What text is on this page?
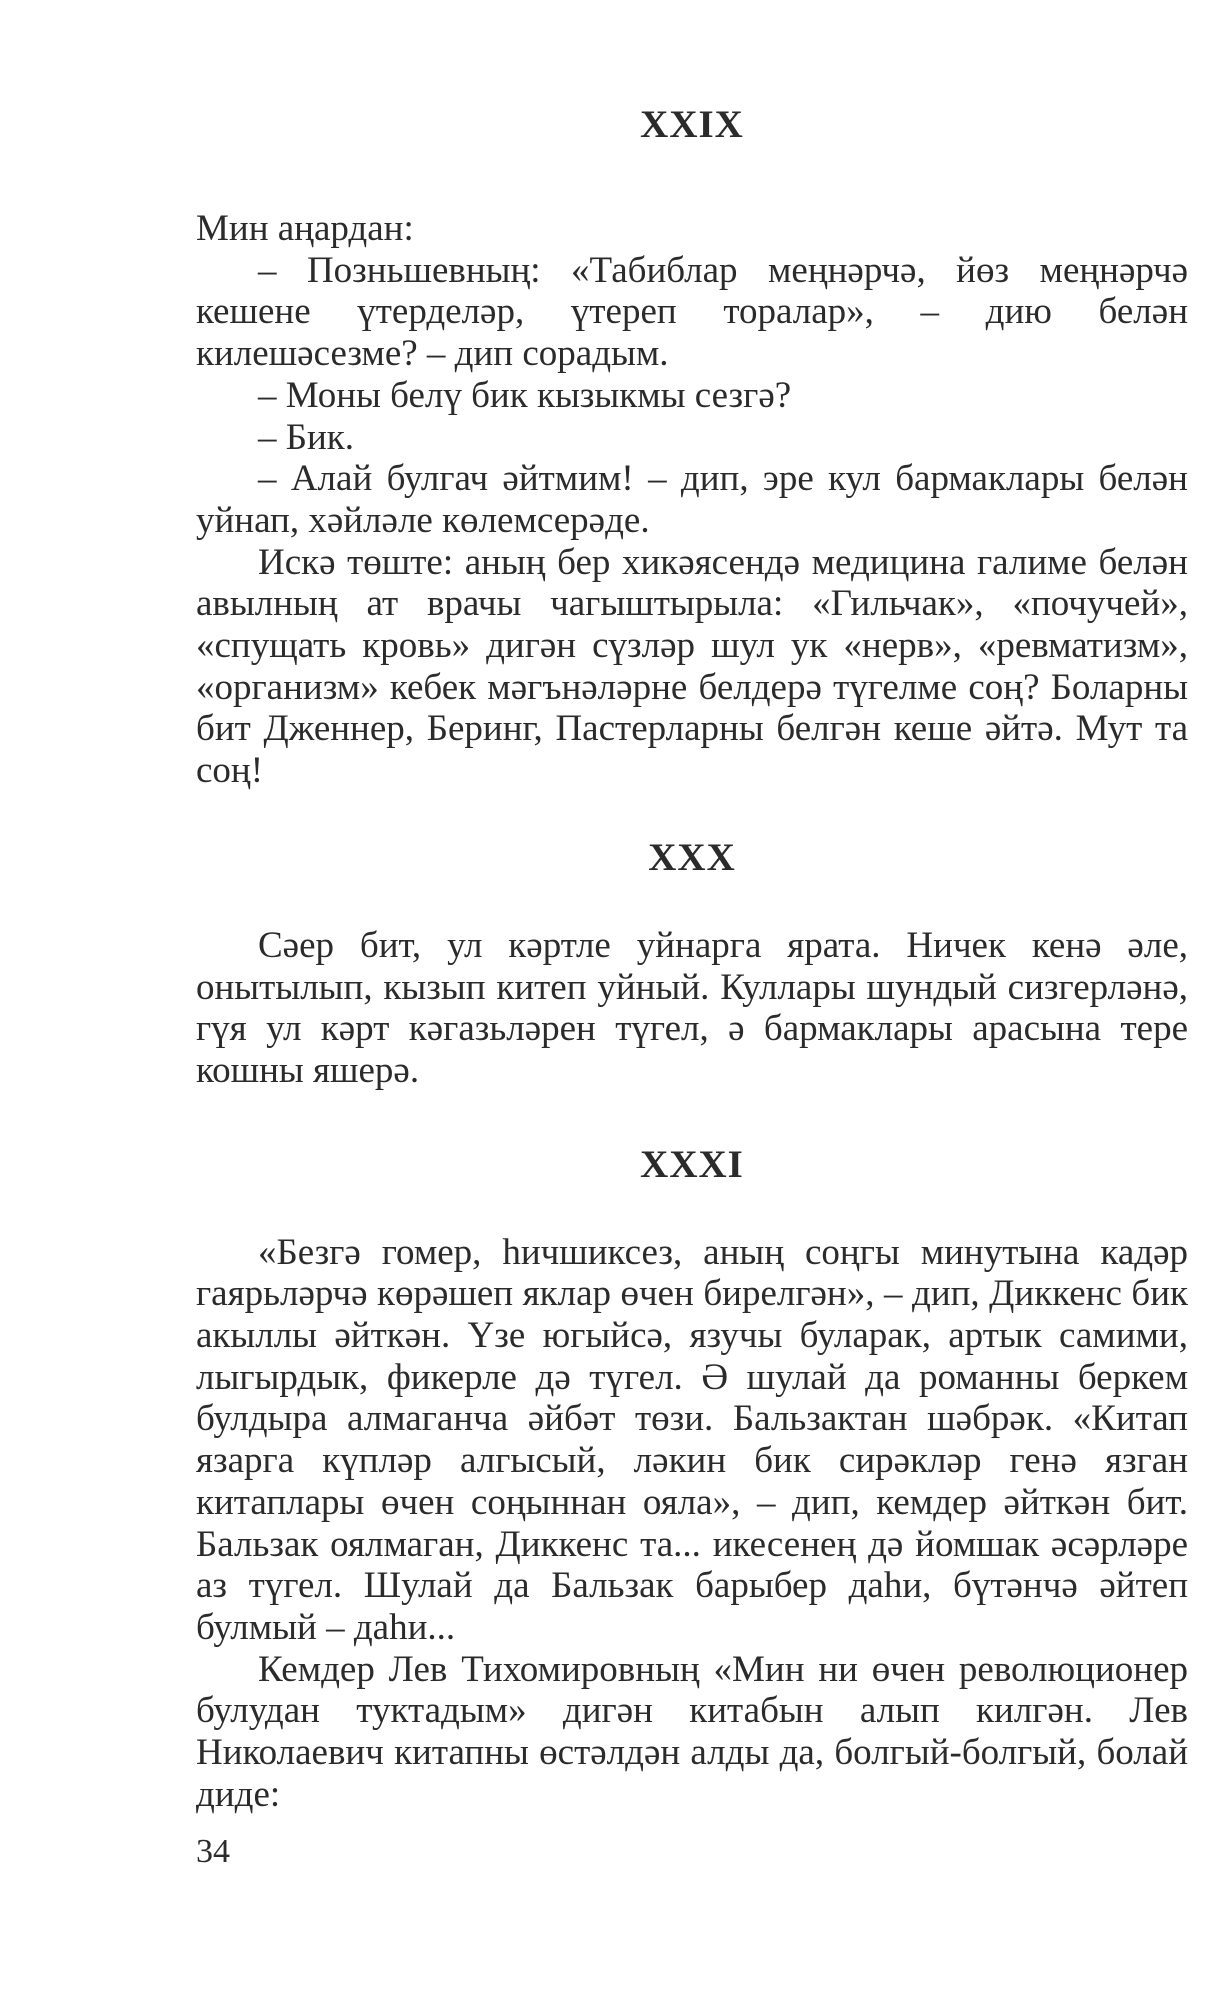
XXIX

Мин аңардан:

– Позньшевның: «Табиблар меңнәрчә, йөз меңнәрчә кешене үтерделәр, үтереп торалар», – дию белән килешәсезме? – дип сорадым.

– Моны белү бик кызыкмы сезгә?

– Бик.

– Алай булгач әйтмим! – дип, эре кул бармаклары белән уйнап, хәйләле көлемсерәде.

Искә төште: аның бер хикәясендә медицина галиме белән авылның ат врачы чагыштырыла: «Гильчак», «почучей», «спущать кровь» дигән сүзләр шул ук «нерв», «ревматизм», «организм» кебек мәгънәләрне белдерә түгелме соң? Боларны бит Дженнер, Беринг, Пастерларны белгән кеше әйтә. Мут та соң!

XXX

Сәер бит, ул кәртле уйнарга ярата. Ничек кенә әле, онытылып, кызып китеп уйный. Куллары шундый сизгерләнә, гүя ул кәрт кәгазьләрен түгел, ә бармаклары арасына тере кошны яшерә.

XXXI

«Безгә гомер, һичшиксез, аның соңгы минутына кадәр гаярьләрчә көрәшеп яклар өчен бирелгән», – дип, Диккенс бик акыллы әйткән. Үзе югыйсә, язучы буларак, артык самими, лыгырдык, фикерле дә түгел. Ә шулай да романны беркем булдыра алмаганча әйбәт төзи. Бальзактан шәбрәк. «Китап язарга күпләр алгысый, ләкин бик сирәкләр генә язган китаплары өчен соңыннан ояла», – дип, кемдер әйткән бит. Бальзак оялмаган, Диккенс та... икесенең дә йомшак әсәрләре аз түгел. Шулай да Бальзак барыбер даһи, бүтәнчә әйтеп булмый – даһи...

Кемдер Лев Тихомировның «Мин ни өчен революционер булудан туктадым» дигән китабын алып килгән. Лев Николаевич китапны өстәлдән алды да, болгый-болгый, болай диде:

34
